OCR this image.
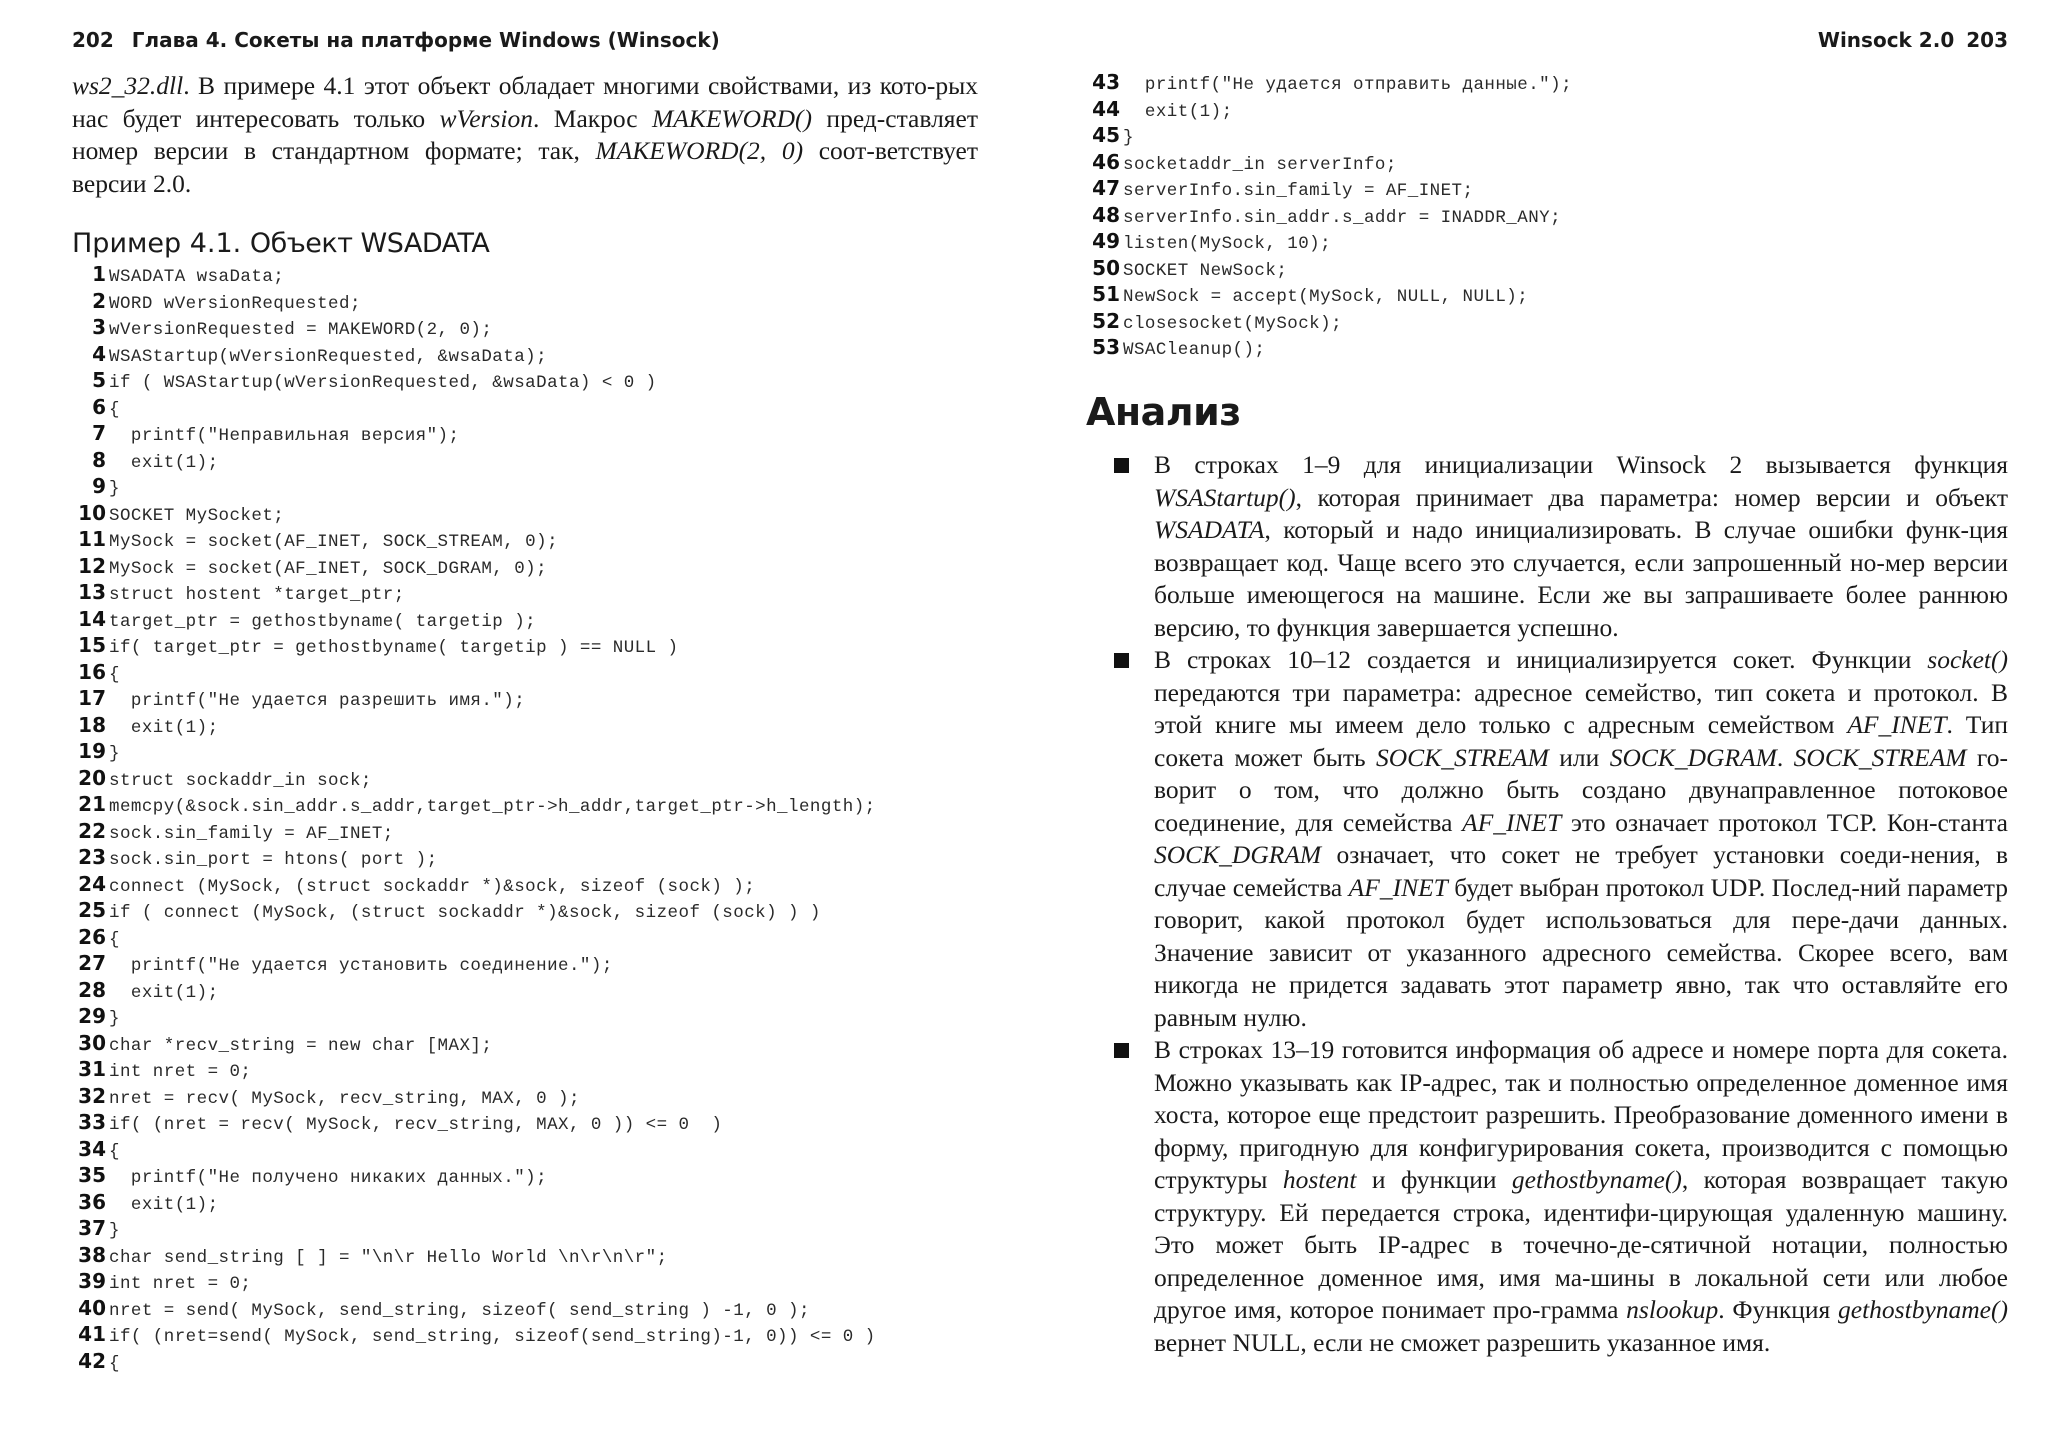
202 Глава 4. Сокеты на платформе Windows (Winsock)

ws2_32.dll. В примере 4.1 этот объект обладает многими свойствами, из кото-рых нас будет интересовать только wVersion. Макрос MAKEWORD() пред-ставляет номер версии в стандартном формате; так, MAKEWORD(2, 0) соот-ветствует версии 2.0.

Пример 4.1. Объект WSADATA
1 WSADATA wsaData;
2 WORD wVersionRequested;
3 wVersionRequested = MAKEWORD(2, 0);
4 WSAStartup(wVersionRequested, &wsaData);
5 if ( WSAStartup(wVersionRequested, &wsaData) < 0 )
6 {
7 printf("Неправильная версия");
8 exit(1);
9 }
10 SOCKET MySocket;
11 MySock = socket(AF_INET, SOCK_STREAM, 0);
12 MySock = socket(AF_INET, SOCK_DGRAM, 0);
13 struct hostent *target_ptr;
14 target_ptr = gethostbyname( targetip );
15 if( target_ptr = gethostbyname( targetip ) == NULL )
16 {
17 printf("Не удается разрешить имя.");
18 exit(1);
19 }
20 struct sockaddr_in sock;
21 memcpy(&sock.sin_addr.s_addr,target_ptr->h_addr,target_ptr->h_length);
22 sock.sin_family = AF_INET;
23 sock.sin_port = htons( port );
24 connect (MySock, (struct sockaddr *)&sock, sizeof (sock) );
25 if ( connect (MySock, (struct sockaddr *)&sock, sizeof (sock) ) )
26 {
27 printf("Не удается установить соединение.");
28 exit(1);
29 }
30 char *recv_string = new char [MAX];
31 int nret = 0;
32 nret = recv( MySock, recv_string, MAX, 0 );
33 if( (nret = recv( MySock, recv_string, MAX, 0 )) <= 0  )
34 {
35 printf("Не получено никаких данных.");
36 exit(1);
37 }
38 char send_string [ ] = "\n\r Hello World \n\r\n\r";
39 int nret = 0;
40 nret = send( MySock, send_string, sizeof( send_string ) -1, 0 );
41 if( (nret=send( MySock, send_string, sizeof(send_string)-1, 0)) <= 0 )
42 {
Winsock 2.0 203
43 printf("Не удается отправить данные.");
44 exit(1);
45 }
46 socketaddr_in serverInfo;
47 serverInfo.sin_family = AF_INET;
48 serverInfo.sin_addr.s_addr = INADDR_ANY;
49 listen(MySock, 10);
50 SOCKET NewSock;
51 NewSock = accept(MySock, NULL, NULL);
52 closesocket(MySock);
53 WSACleanup();
Анализ

В строках 1–9 для инициализации Winsock 2 вызывается функция WSAStartup(), которая принимает два параметра: номер версии и объект WSADATA, который и надо инициализировать. В случае ошибки функ-ция возвращает код. Чаще всего это случается, если запрошенный но-мер версии больше имеющегося на машине. Если же вы запрашиваете более раннюю версию, то функция завершается успешно.

В строках 10–12 создается и инициализируется сокет. Функции socket() передаются три параметра: адресное семейство, тип сокета и протокол. В этой книге мы имеем дело только с адресным семейством AF_INET. Тип сокета может быть SOCK_STREAM или SOCK_DGRAM. SOCK_STREAM го-ворит о том, что должно быть создано двунаправленное потоковое соединение, для семейства AF_INET это означает протокол TCP. Кон-станта SOCK_DGRAM означает, что сокет не требует установки соеди-нения, в случае семейства AF_INET будет выбран протокол UDP. Послед-ний параметр говорит, какой протокол будет использоваться для пере-дачи данных. Значение зависит от указанного адресного семейства. Скорее всего, вам никогда не придется задавать этот параметр явно, так что оставляйте его равным нулю.

В строках 13–19 готовится информация об адресе и номере порта для сокета. Можно указывать как IP-адрес, так и полностью определенное доменное имя хоста, которое еще предстоит разрешить. Преобразование доменного имени в форму, пригодную для конфигурирования сокета, производится с помощью структуры hostent и функции gethostbyname(), которая возвращает такую структуру. Ей передается строка, идентифи-цирующая удаленную машину. Это может быть IP-адрес в точечно-де-сятичной нотации, полностью определенное доменное имя, имя ма-шины в локальной сети или любое другое имя, которое понимает про-грамма nslookup. Функция gethostbyname() вернет NULL, если не сможет разрешить указанное имя.
